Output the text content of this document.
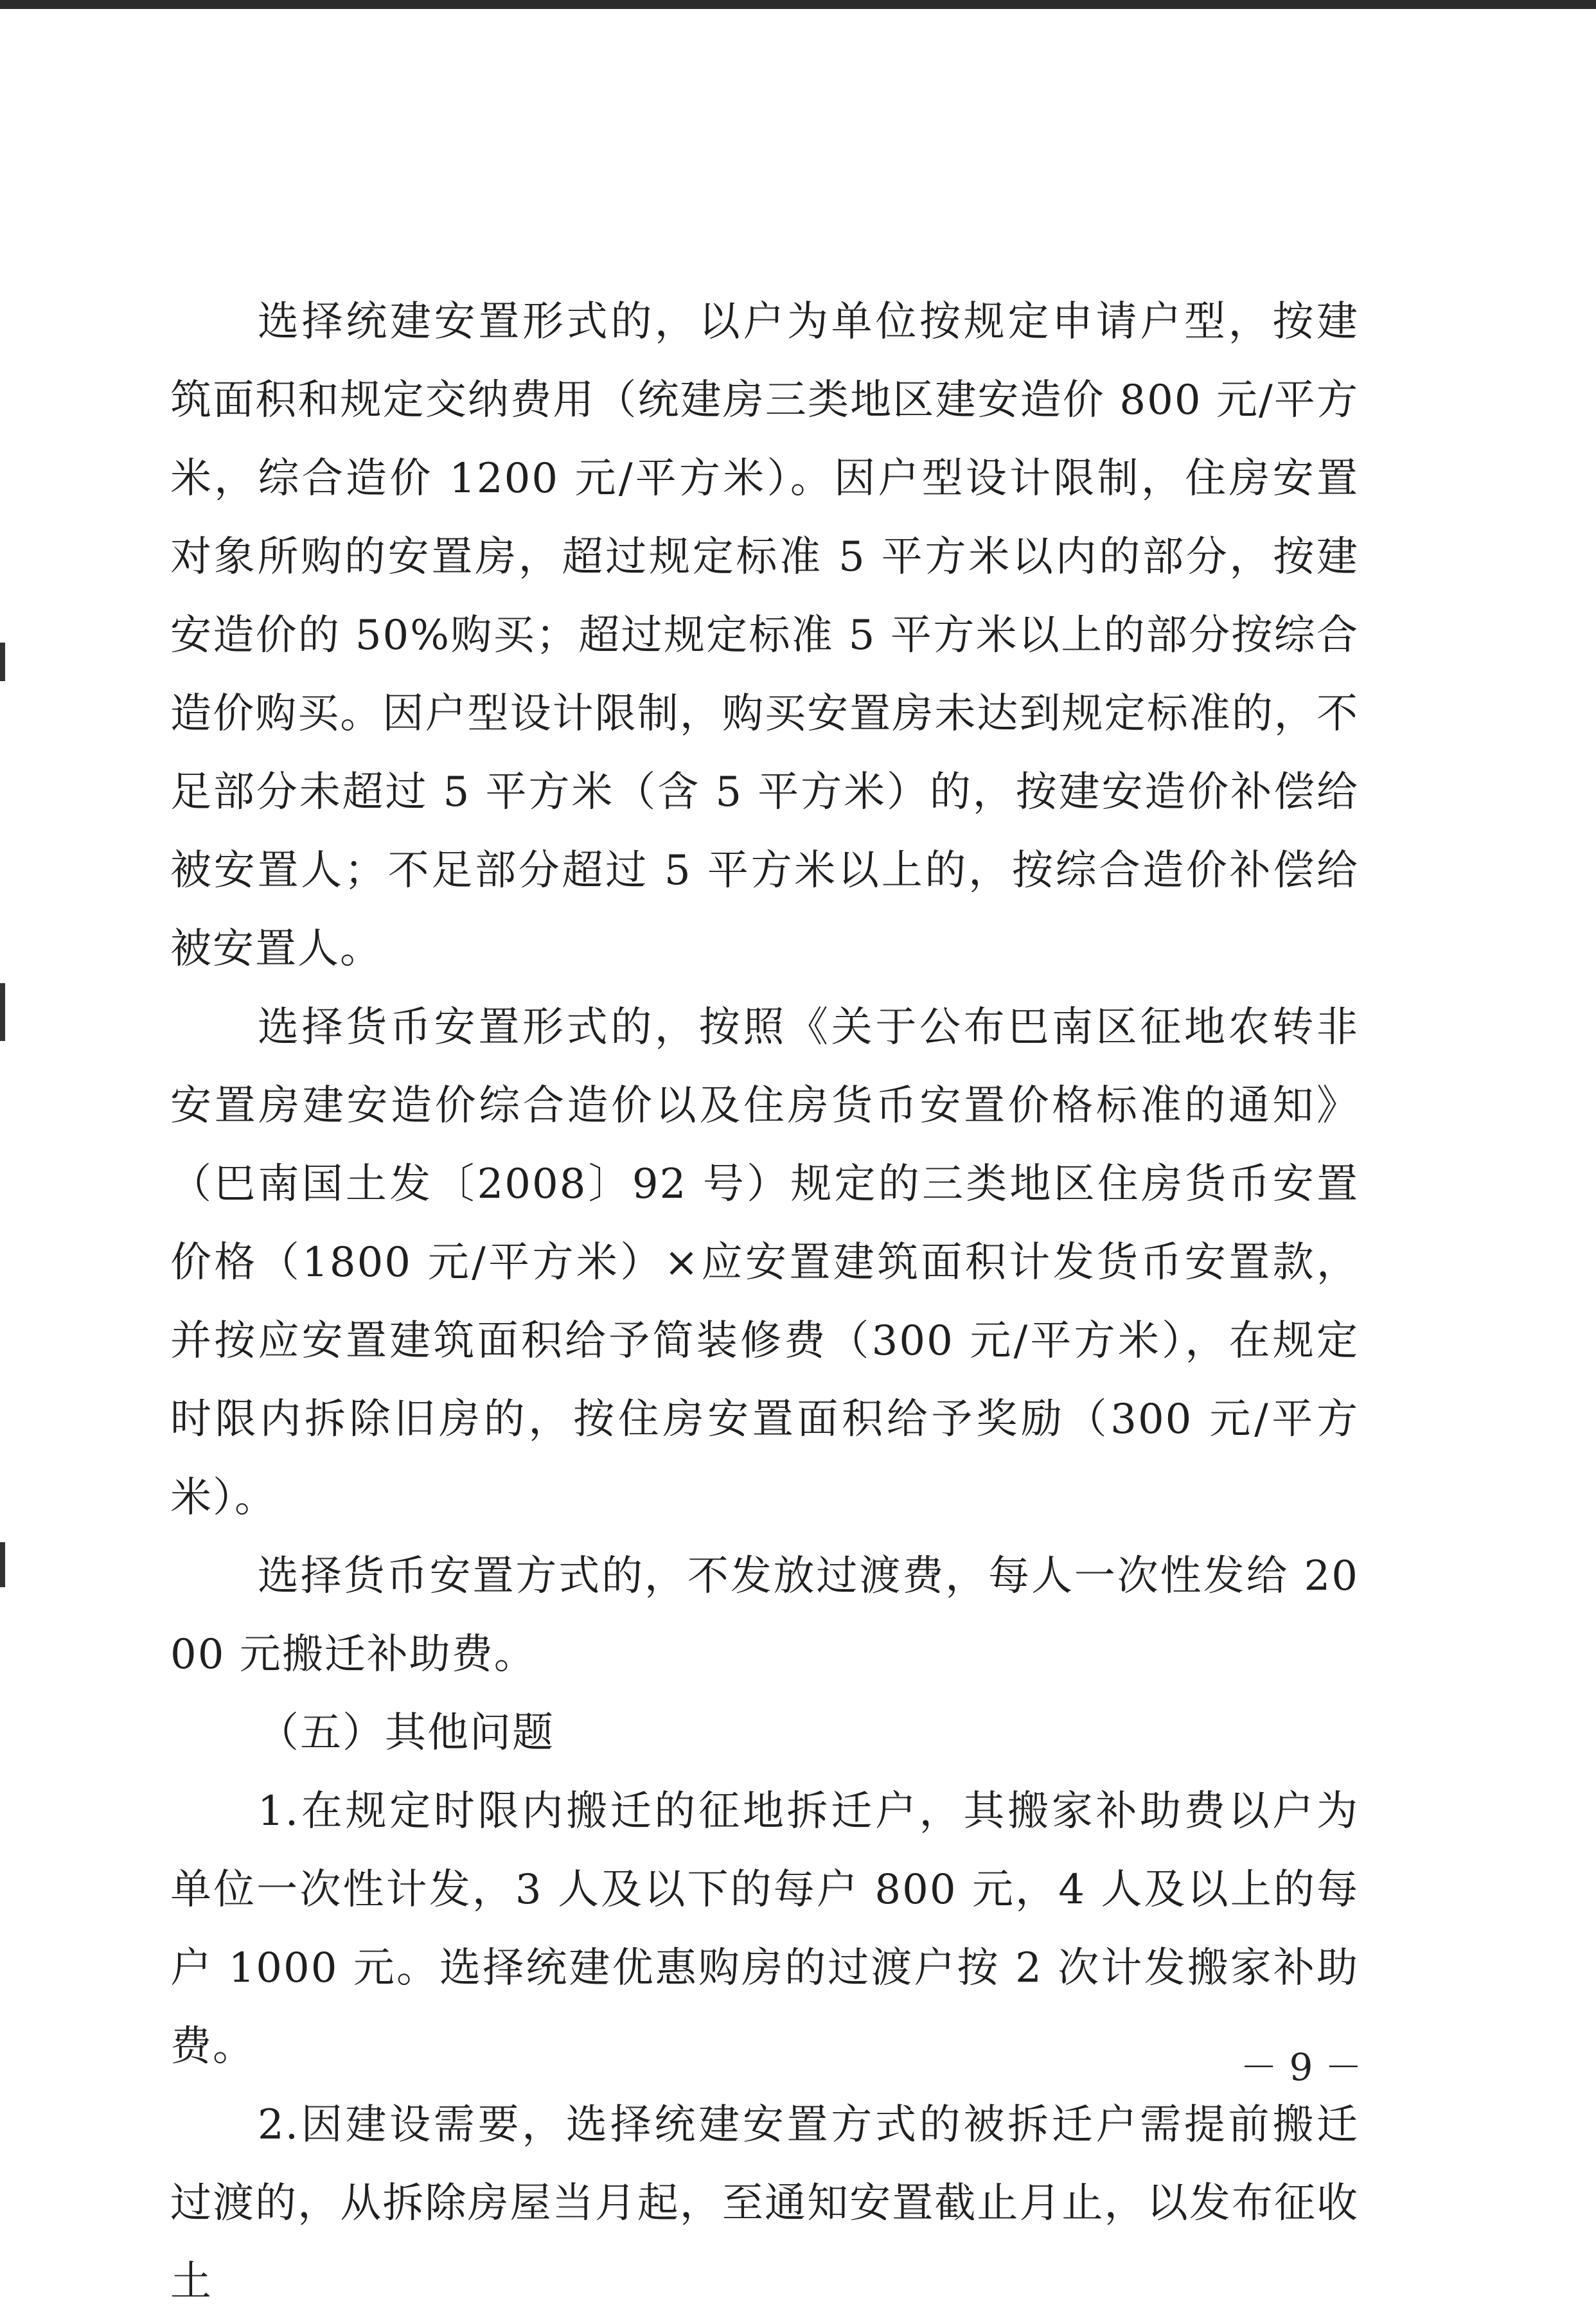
选择统建安置形式的，以户为单位按规定申请户型，按建筑面积和规定交纳费用（统建房三类地区建安造价 800 元/平方米，综合造价 1200 元/平方米）。因户型设计限制，住房安置对象所购的安置房，超过规定标准 5 平方米以内的部分，按建安造价的 50%购买；超过规定标准 5 平方米以上的部分按综合造价购买。因户型设计限制，购买安置房未达到规定标准的，不足部分未超过 5 平方米（含 5 平方米）的，按建安造价补偿给被安置人；不足部分超过 5 平方米以上的，按综合造价补偿给被安置人。

选择货币安置形式的，按照《关于公布巴南区征地农转非安置房建安造价综合造价以及住房货币安置价格标准的通知》（巴南国土发〔2008〕92 号）规定的三类地区住房货币安置价格（1800 元/平方米）×应安置建筑面积计发货币安置款，并按应安置建筑面积给予简装修费（300 元/平方米），在规定时限内拆除旧房的，按住房安置面积给予奖励（300 元/平方米）。

选择货币安置方式的，不发放过渡费，每人一次性发给 2000 元搬迁补助费。

（五）其他问题

1.在规定时限内搬迁的征地拆迁户，其搬家补助费以户为单位一次性计发，3 人及以下的每户 800 元，4 人及以上的每户 1000 元。选择统建优惠购房的过渡户按 2 次计发搬家补助费。

2.因建设需要，选择统建安置方式的被拆迁户需提前搬迁过渡的，从拆除房屋当月起，至通知安置截止月止，以发布征收土

－ 9 －
